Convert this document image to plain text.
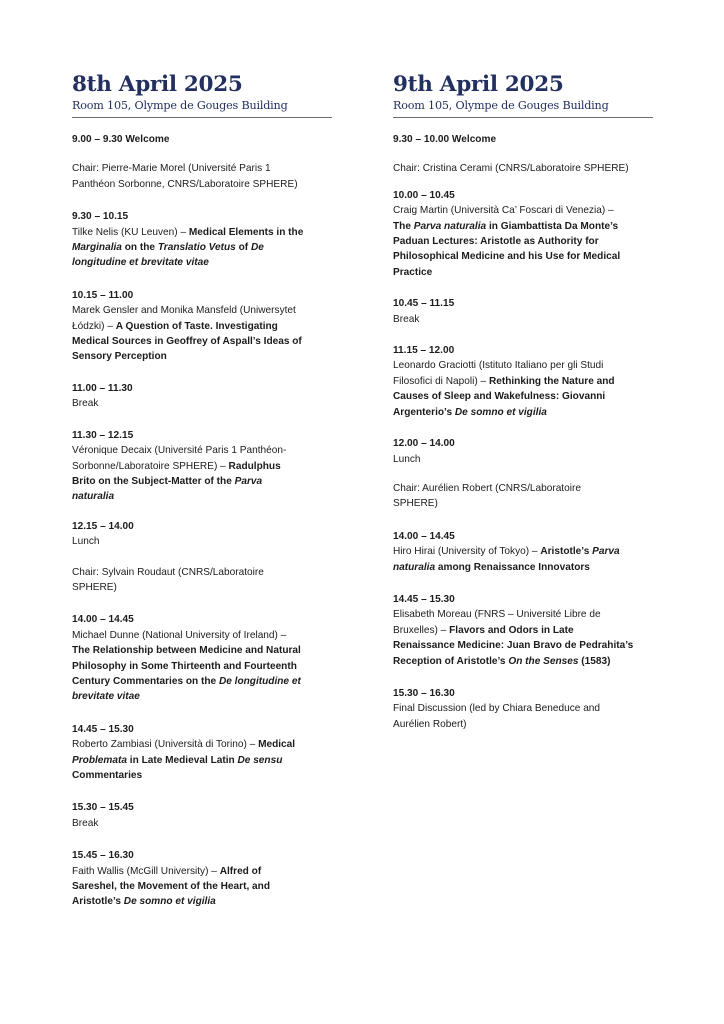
8th April 2025
Room 105, Olympe de Gouges Building
9.00 – 9.30 Welcome
Chair: Pierre-Marie Morel (Université Paris 1
Panthéon Sorbonne, CNRS/Laboratoire SPHERE)
9.30 – 10.15
Tilke Nelis (KU Leuven) – Medical Elements in the
Marginalia on the Translatio Vetus of De
longitudine et brevitate vitae
10.15 – 11.00
Marek Gensler and Monika Mansfeld (Uniwersytet
Łódzki) – A Question of Taste. Investigating
Medical Sources in Geoffrey of Aspall’s Ideas of
Sensory Perception
11.00 – 11.30
Break
11.30 – 12.15
Véronique Decaix (Université Paris 1 Panthéon-
Sorbonne/Laboratoire SPHERE) – Radulphus
Brito on the Subject-Matter of the Parva
naturalia
12.15 – 14.00
Lunch
Chair: Sylvain Roudaut (CNRS/Laboratoire
SPHERE)
14.00 – 14.45
Michael Dunne (National University of Ireland) –
The Relationship between Medicine and Natural
Philosophy in Some Thirteenth and Fourteenth
Century Commentaries on the De longitudine et
brevitate vitae
14.45 – 15.30
Roberto Zambiasi (Università di Torino) – Medical
Problemata in Late Medieval Latin De sensu
Commentaries
15.30 – 15.45
Break
15.45 – 16.30
Faith Wallis (McGill University) – Alfred of
Sareshel, the Movement of the Heart, and
Aristotle’s De somno et vigilia
9th April 2025
Room 105, Olympe de Gouges Building
9.30 – 10.00 Welcome
Chair: Cristina Cerami (CNRS/Laboratoire SPHERE)
10.00 – 10.45
Craig Martin (Università Ca’ Foscari di Venezia) –
The Parva naturalia in Giambattista Da Monte’s
Paduan Lectures: Aristotle as Authority for
Philosophical Medicine and his Use for Medical
Practice
10.45 – 11.15
Break
11.15 – 12.00
Leonardo Graciotti (Istituto Italiano per gli Studi
Filosofici di Napoli) – Rethinking the Nature and
Causes of Sleep and Wakefulness: Giovanni
Argenterio’s De somno et vigilia
12.00 – 14.00
Lunch
Chair: Aurélien Robert (CNRS/Laboratoire
SPHERE)
14.00 – 14.45
Hiro Hirai (University of Tokyo) – Aristotle’s Parva
naturalia among Renaissance Innovators
14.45 – 15.30
Elisabeth Moreau (FNRS – Université Libre de
Bruxelles) – Flavors and Odors in Late
Renaissance Medicine: Juan Bravo de Pedrahita’s
Reception of Aristotle’s On the Senses (1583)
15.30 – 16.30
Final Discussion (led by Chiara Beneduce and
Aurélien Robert)
